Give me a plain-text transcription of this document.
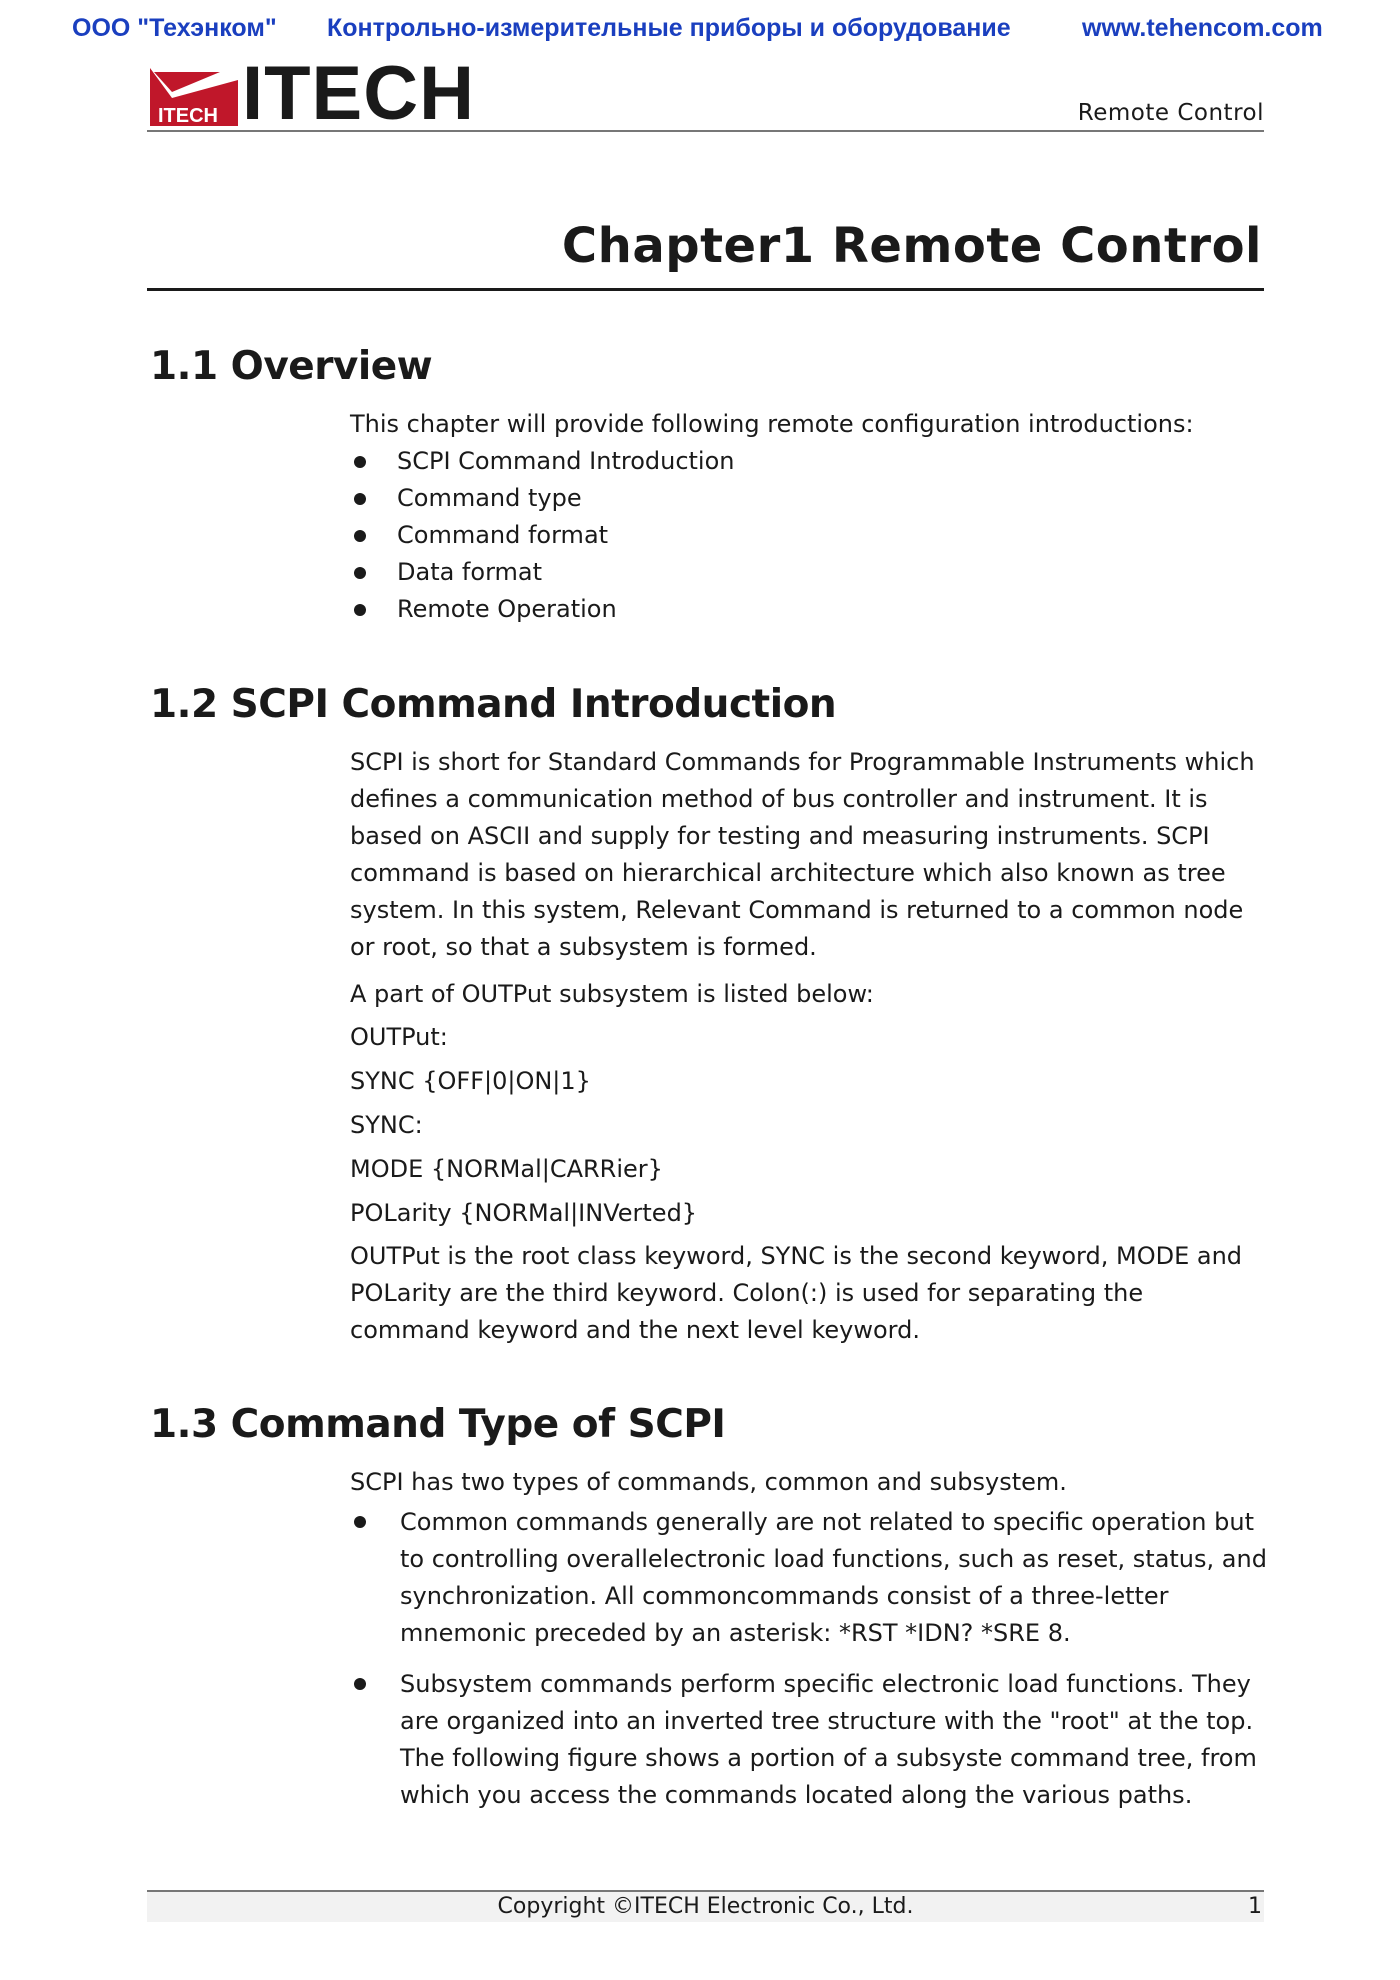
ООО "Техэнком" Контрольно-измерительные приборы и оборудование	www.tehencom.com
ITECH ITECH	Remote Control
Chapter1 Remote Control
1.1 Overview
This chapter will provide following remote configuration introductions:
SCPI Command Introduction
Command type
Command format
Data format
Remote Operation
1.2 SCPI Command Introduction
SCPI is short for Standard Commands for Programmable Instruments which defines a communication method of bus controller and instrument. It is based on ASCII and supply for testing and measuring instruments. SCPI command is based on hierarchical architecture which also known as tree system. In this system, Relevant Command is returned to a common node or root, so that a subsystem is formed.
A part of OUTPut subsystem is listed below:
OUTPut:
SYNC {OFF|0|ON|1}
SYNC:
MODE {NORMal|CARRier}
POLarity {NORMal|INVerted}
OUTPut is the root class keyword, SYNC is the second keyword, MODE and POLarity are the third keyword. Colon(:) is used for separating the command keyword and the next level keyword.
1.3 Command Type of SCPI
SCPI has two types of commands, common and subsystem.
Common commands generally are not related to specific operation but to controlling overallelectronic load functions, such as reset, status, and synchronization. All commoncommands consist of a three-letter mnemonic preceded by an asterisk: *RST *IDN? *SRE 8.
Subsystem commands perform specific electronic load functions. They are organized into an inverted tree structure with the "root" at the top. The following figure shows a portion of a subsyste command tree, from which you access the commands located along the various paths.
Copyright ©ITECH Electronic Co., Ltd.	1
